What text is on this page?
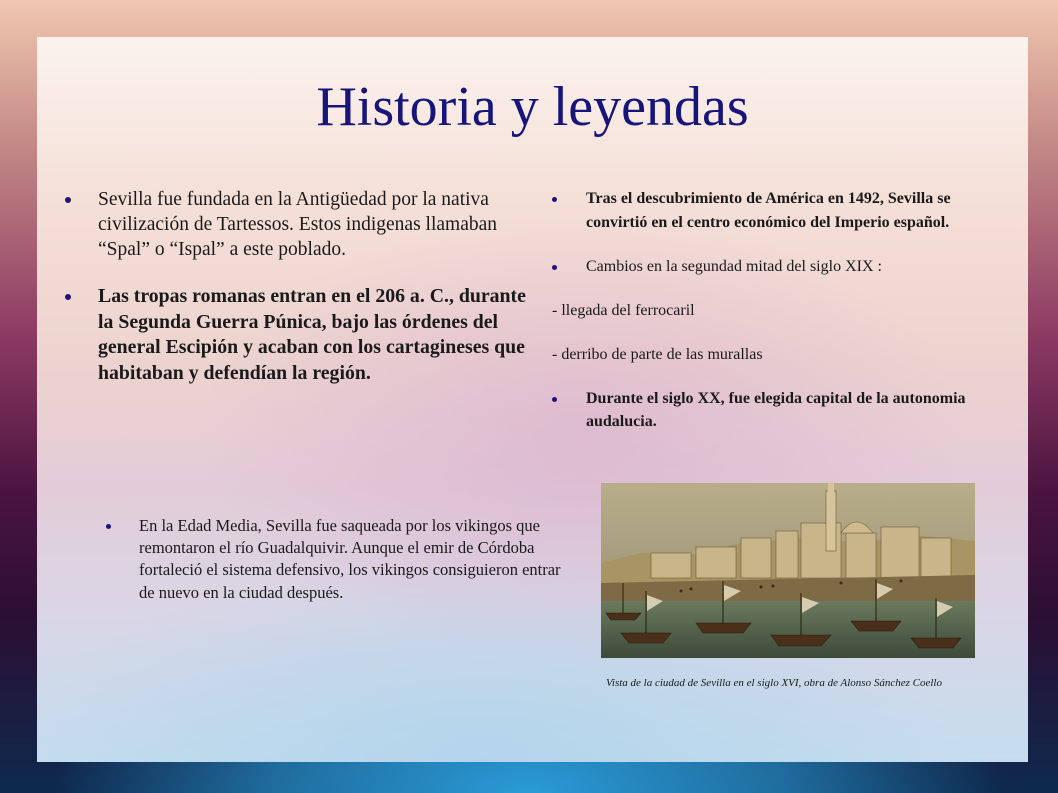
Historia y leyendas
Sevilla fue fundada en la Antigüedad por la nativa civilización de Tartessos. Estos indigenas llamaban “Spal” o “Ispal” a este poblado.
Las tropas romanas entran en el 206 a. C., durante la Segunda Guerra Púnica, bajo las órdenes del general Escipión y acaban con los cartagineses que habitaban y defendían la región.
En la Edad Media, Sevilla fue saqueada por los vikingos que remontaron el río Guadalquivir. Aunque el emir de Córdoba fortaleció el sistema defensivo, los vikingos consiguieron entrar de nuevo en la ciudad después.
Tras el descubrimiento de América en 1492, Sevilla se convirtió en el centro económico del Imperio español.
Cambios en la segundad mitad del siglo XIX :
- llegada del ferrocaril
- derribo de parte de las murallas
Durante el siglo XX, fue elegida capital de la autonomia audalucia.
Vista de la ciudad de Sevilla en el siglo XVI, obra de Alonso Sánchez Coello
